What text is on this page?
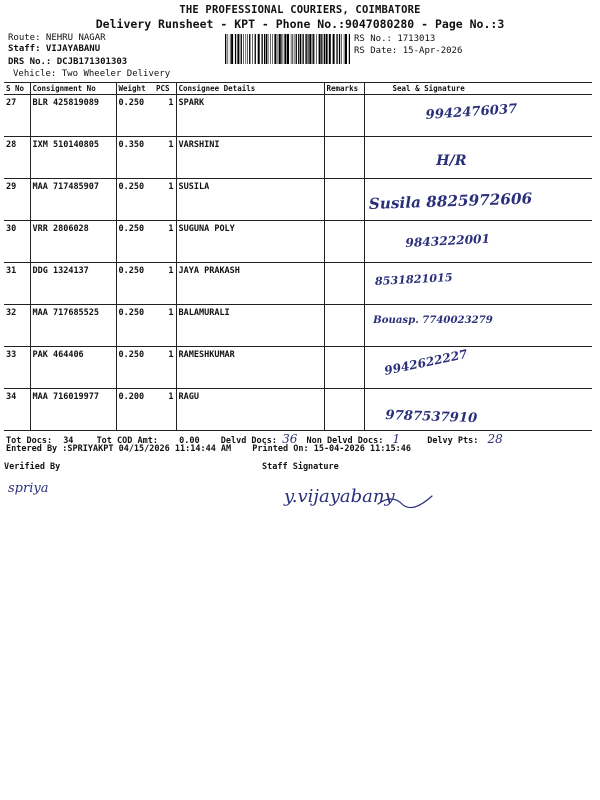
THE PROFESSIONAL COURIERS, COIMBATORE
Delivery Runsheet - KPT - Phone No.:9047080280 - Page No.:3
Route: NEHRU NAGAR
Staff: VIJAYABANU
DRS No.: DCJB171301303
Vehicle: Two Wheeler Delivery
RS No.: 1713013
RS Date: 15-Apr-2026
S No	Consignment No	Weight	PCS	Consignee Details	Remarks	Seal & Signature
27	BLR 425819089	0.250	1	SPARK		9942476037

28	IXM 510140805	0.350	1	VARSHINI		H/R

29	MAA 717485907	0.250	1	SUSILA		Susila 8825972606

30	VRR 2806028	0.250	1	SUGUNA POLY		9843222001

31	DDG 1324137	0.250	1	JAYA PRAKASH		8531821015

32	MAA 717685525	0.250	1	BALAMURALI		Bouasp. 7740023279

33	PAK 464406	0.250	1	RAMESHKUMAR		9942622227

34	MAA 716019977	0.200	1	RAGU		9787537910
Tot Docs: 34	Tot COD Amt: 0.00 Delvd Docs: 36 Non Delvd Docs: 1	Delvy Pts: 28
Entered By :SPRIYAKPT 04/15/2026 11:14:44 AM Printed On: 15-04-2026 11:15:46
Verified By	Staff Signature
spriya	y.vijayabany
